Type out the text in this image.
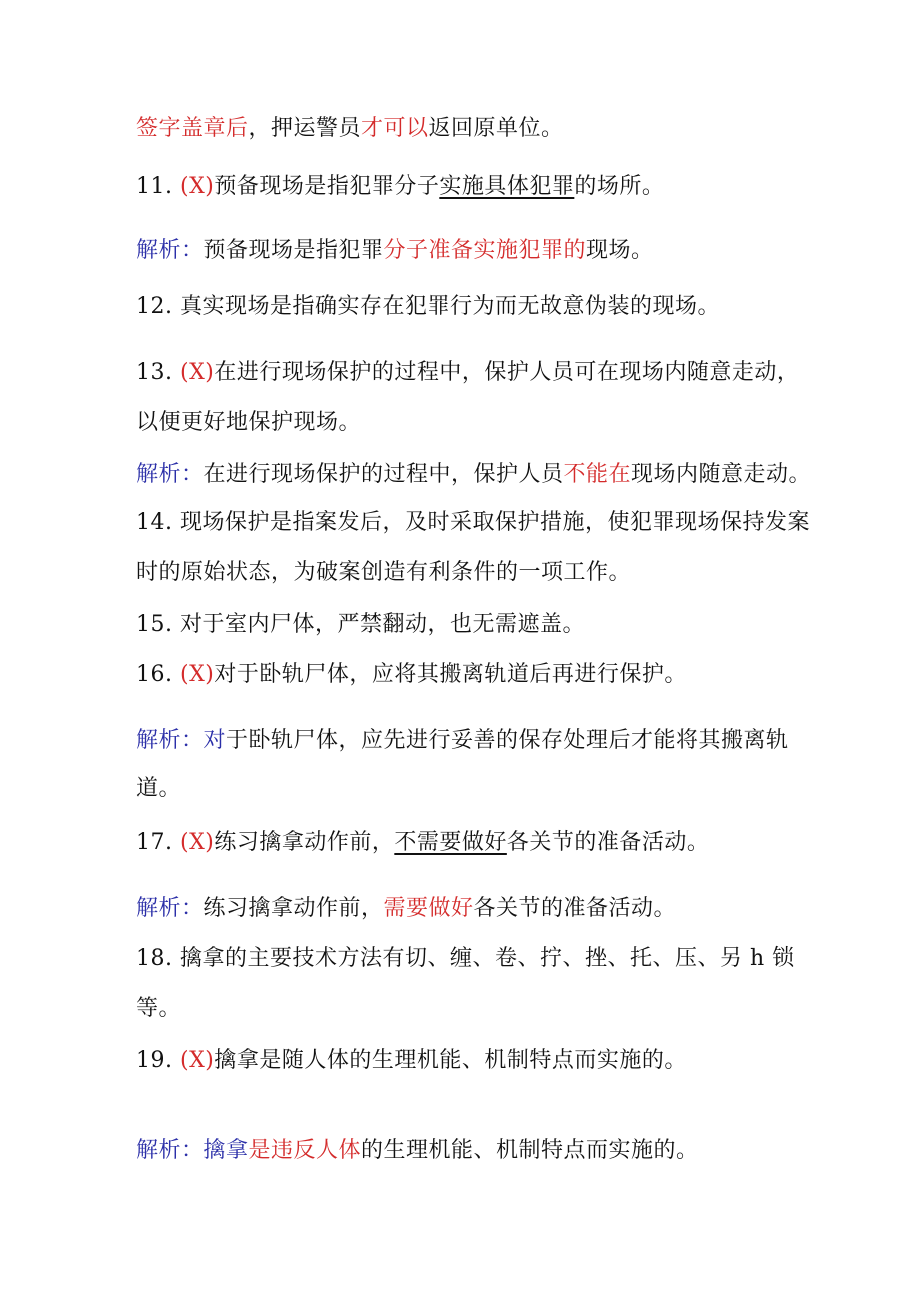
签字盖章后，押运警员才可以返回原单位。
11. (X)预备现场是指犯罪分子实施具体犯罪的场所。
解析：预备现场是指犯罪分子准备实施犯罪的现场。
12. 真实现场是指确实存在犯罪行为而无故意伪装的现场。
13. (X)在进行现场保护的过程中，保护人员可在现场内随意走动，
以便更好地保护现场。
解析：在进行现场保护的过程中，保护人员不能在现场内随意走动。
14. 现场保护是指案发后，及时采取保护措施，使犯罪现场保持发案
时的原始状态，为破案创造有利条件的一项工作。
15. 对于室内尸体，严禁翻动，也无需遮盖。
16. (X)对于卧轨尸体，应将其搬离轨道后再进行保护。
解析：对于卧轨尸体，应先进行妥善的保存处理后才能将其搬离轨
道。
17. (X)练习擒拿动作前，不需要做好各关节的准备活动。
解析：练习擒拿动作前，需要做好各关节的准备活动。
18. 擒拿的主要技术方法有切、缠、卷、拧、挫、托、压、另 h 锁
等。
19. (X)擒拿是随人体的生理机能、机制特点而实施的。
解析：擒拿是违反人体的生理机能、机制特点而实施的。
